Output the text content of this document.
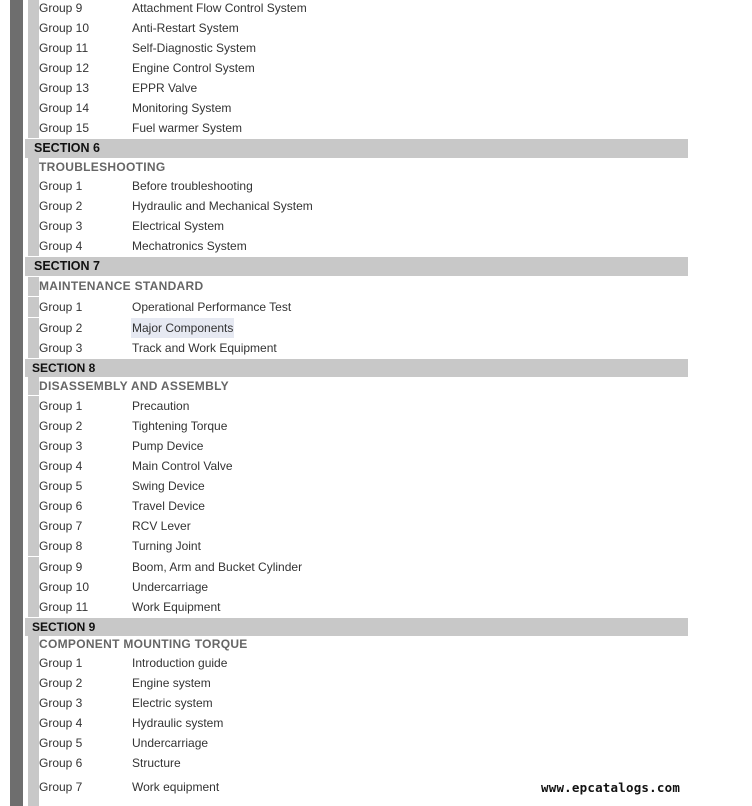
Group 9	Attachment Flow Control System
Group 10	Anti-Restart System
Group 11	Self-Diagnostic System
Group 12	Engine Control System
Group 13	EPPR Valve
Group 14	Monitoring System
Group 15	Fuel warmer System
SECTION 6
TROUBLESHOOTING
Group 1	Before troubleshooting
Group 2	Hydraulic and Mechanical System
Group 3	Electrical System
Group 4	Mechatronics System
SECTION 7
MAINTENANCE STANDARD
Group 1	Operational Performance Test
Group 2	Major Components
Group 3	Track and Work Equipment
SECTION 8
DISASSEMBLY AND ASSEMBLY
Group 1	Precaution
Group 2	Tightening Torque
Group 3	Pump Device
Group 4	Main Control Valve
Group 5	Swing Device
Group 6	Travel Device
Group 7	RCV Lever
Group 8	Turning Joint
Group 9	Boom, Arm and Bucket Cylinder
Group 10	Undercarriage
Group 11	Work Equipment
SECTION 9
COMPONENT MOUNTING TORQUE
Group 1	Introduction guide
Group 2	Engine system
Group 3	Electric system
Group 4	Hydraulic system
Group 5	Undercarriage
Group 6	Structure
Group 7	Work equipment	www.epcatalogs.com
